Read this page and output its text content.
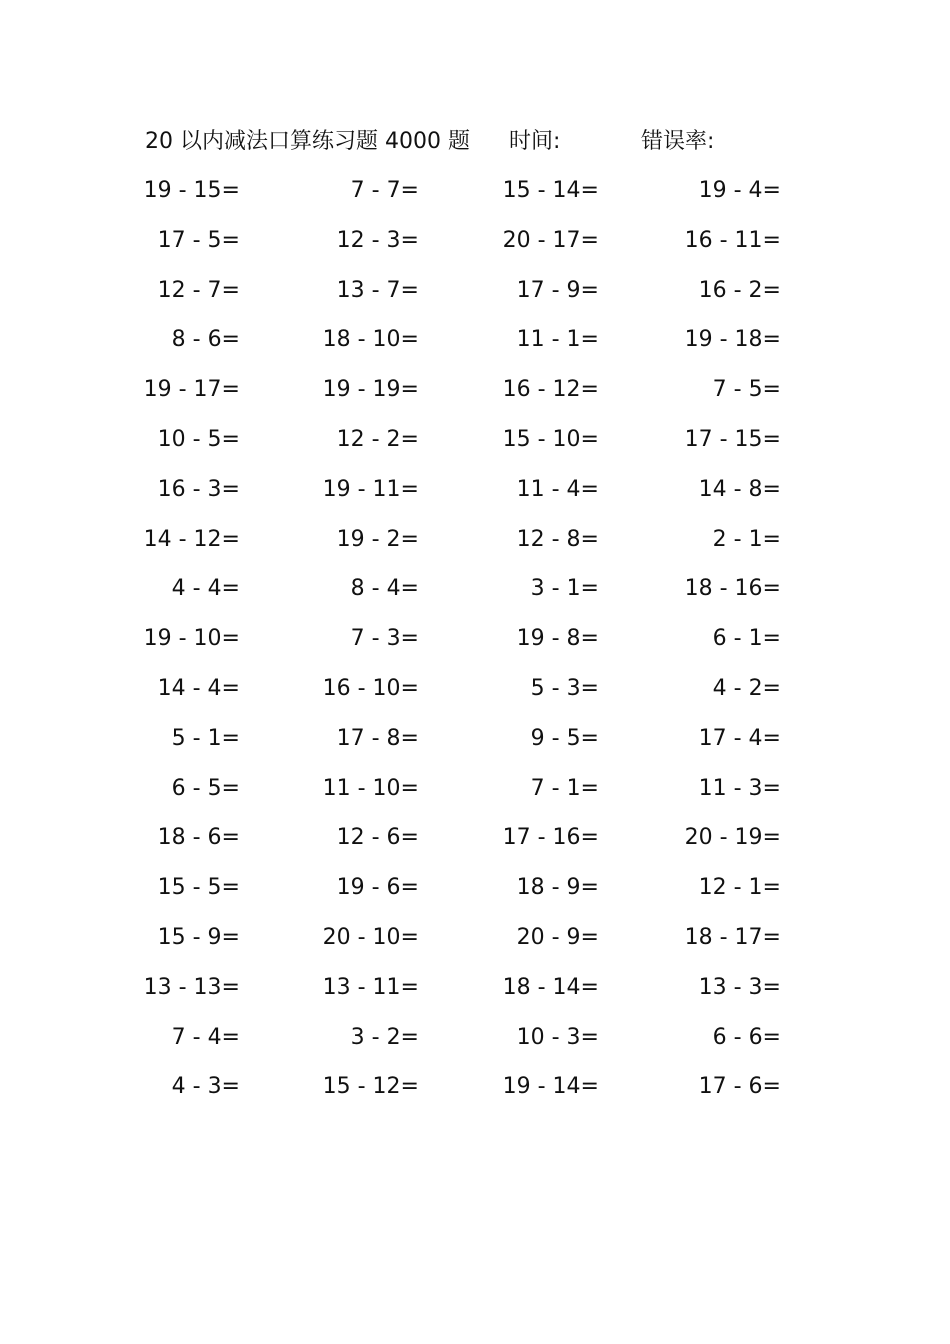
20 以内减法口算练习题 4000 题 时间:	错误率:
19 - 15=	7 - 7=	15 - 14=	19 - 4=
17 - 5=	12 - 3=	20 - 17=	16 - 11=
12 - 7=	13 - 7=	17 - 9=	16 - 2=
8 - 6=	18 - 10=	11 - 1=	19 - 18=
19 - 17=	19 - 19=	16 - 12=	7 - 5=
10 - 5=	12 - 2=	15 - 10=	17 - 15=
16 - 3=	19 - 11=	11 - 4=	14 - 8=
14 - 12=	19 - 2=	12 - 8=	2 - 1=
4 - 4=	8 - 4=	3 - 1=	18 - 16=
19 - 10=	7 - 3=	19 - 8=	6 - 1=
14 - 4=	16 - 10=	5 - 3=	4 - 2=
5 - 1=	17 - 8=	9 - 5=	17 - 4=
6 - 5=	11 - 10=	7 - 1=	11 - 3=
18 - 6=	12 - 6=	17 - 16=	20 - 19=
15 - 5=	19 - 6=	18 - 9=	12 - 1=
15 - 9=	20 - 10=	20 - 9=	18 - 17=
13 - 13=	13 - 11=	18 - 14=	13 - 3=
7 - 4=	3 - 2=	10 - 3=	6 - 6=
4 - 3=	15 - 12=	19 - 14=	17 - 6=
